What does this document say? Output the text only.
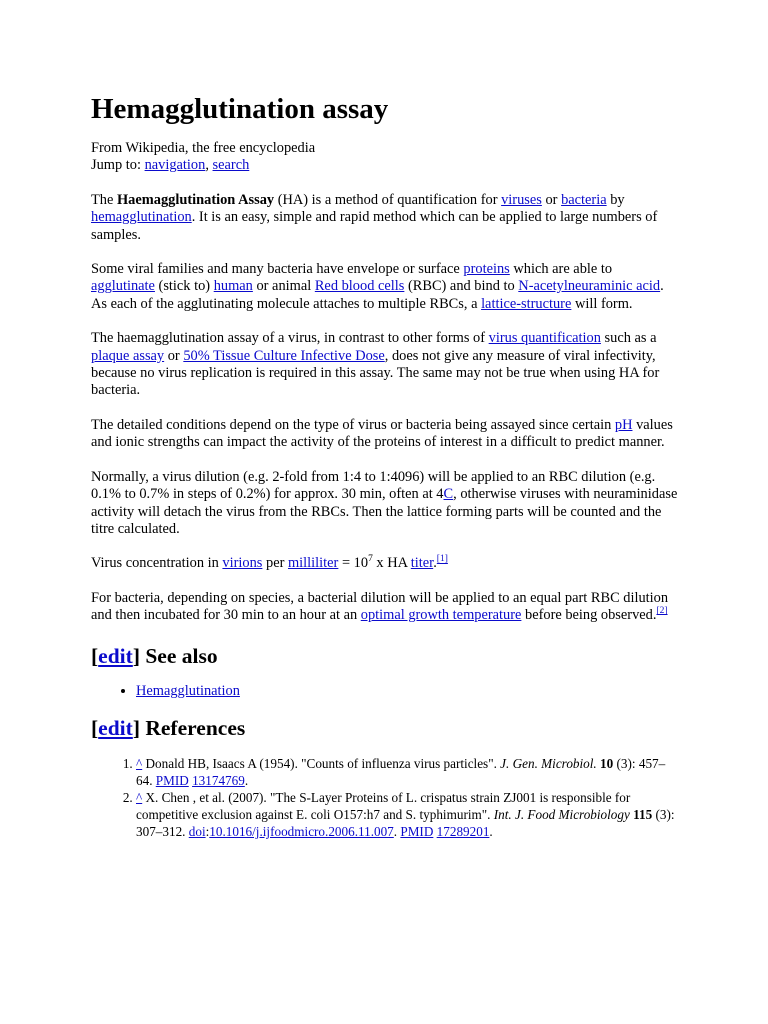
Hemagglutination assay
From Wikipedia, the free encyclopedia
Jump to: navigation, search

The Haemagglutination Assay (HA) is a method of quantification for viruses or bacteria by hemagglutination. It is an easy, simple and rapid method which can be applied to large numbers of samples.

Some viral families and many bacteria have envelope or surface proteins which are able to agglutinate (stick to) human or animal Red blood cells (RBC) and bind to N-acetylneuraminic acid. As each of the agglutinating molecule attaches to multiple RBCs, a lattice-structure will form.

The haemagglutination assay of a virus, in contrast to other forms of virus quantification such as a plaque assay or 50% Tissue Culture Infective Dose, does not give any measure of viral infectivity, because no virus replication is required in this assay. The same may not be true when using HA for bacteria.

The detailed conditions depend on the type of virus or bacteria being assayed since certain pH values and ionic strengths can impact the activity of the proteins of interest in a difficult to predict manner.

Normally, a virus dilution (e.g. 2-fold from 1:4 to 1:4096) will be applied to an RBC dilution (e.g. 0.1% to 0.7% in steps of 0.2%) for approx. 30 min, often at 4C, otherwise viruses with neuraminidase activity will detach the virus from the RBCs. Then the lattice forming parts will be counted and the titre calculated.

Virus concentration in virions per milliliter = $10^7$ x HA titer.[1]

For bacteria, depending on species, a bacterial dilution will be applied to an equal part RBC dilution and then incubated for 30 min to an hour at an optimal growth temperature before being observed.[2]

[edit] See also
• Hemagglutination
[edit] References
1. ^ Donald HB, Isaacs A (1954). "Counts of influenza virus particles". J. Gen. Microbiol. 10 (3): 457–64. PMID 13174769.
2. ^ X. Chen , et al. (2007). "The S-Layer Proteins of L. crispatus strain ZJ001 is responsible for competitive exclusion against E. coli O157:h7 and S. typhimurim". Int. J. Food Microbiology 115 (3): 307–312. doi:10.1016/j.ijfoodmicro.2006.11.007. PMID 17289201.
